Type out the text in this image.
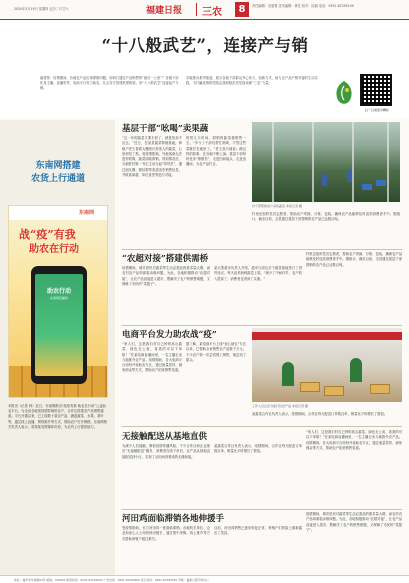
2020年3月19日 星期四 农历二月廿六	福建日报 三农	8	责任编辑：吴夏菁 美术编辑：黄龙 校对：邱斌 电话：0591-87095100
“十八般武艺”，连接产与销
编者按：疫情期间，各地农产品出现滞销问题。如何打通农产品销售的“最后一公里”？各级干部化身主播、直播带货，电商平台发力助农，社会各方搭建供需桥梁，用“十八般武艺”连接起产与销。
本版推出系列报道，展示各地干部群众齐心协力、创新方式，助力农产品产销对接的生动实践，为打赢疫情防控阻击战和脱贫攻坚战贡献“三农”力量。
扫一扫看更多精彩
东南网搭建
农货上行通道
东南网
战“疫”有我
助农在行动
助农行动
东南网直播间
本报讯（记者 林）近日，东南网推出“战疫有我 助农在行动”公益助农平台，为全省各地受疫情影响的农户、合作社搭建农产品销售通道。平台开通以来，已上线数十款农产品，涵盖蔬菜、水果、茶叶等，通过线上直播、网络推介等方式，帮助农户打开销路。东南网相关负责人表示，将持续发挥媒体优势，为农货上行提供助力。
基层干部“吆喝”卖果蔬
“这一年的蔬菜又要丰收了，就是怕卖不出去。”近日，在某县蔬菜种植基地，种植户老王看着大棚里长势喜人的蔬菜，心里却犯了愁。受疫情影响，外地客商无法进村收购，蔬菜面临滞销。得知情况后，当地驻村第一书记主动当起“带货员”，通过朋友圈、微信群等渠道发布销售信息，并联系商超、单位食堂等进行对接。
短短几天时间，滞销的蔬菜便销售一空。“多亏了干部们帮忙吆喝，不然这些菜就烂在地里了。”老王高兴地说。像这样的故事，在各地不断上演。基层干部纷纷化身“推销员”，走进田间地头，走进直播间，为农产品代言。
村干部帮助农户采收蔬菜 本报记者 摄
村里还组织党员志愿者，帮助农户采摘、分拣、包装，确保农产品能够及时送到消费者手中。据统计，截至目前，全县通过基层干部帮销的农产品已达数百吨。
“农超对接”搭建供需桥
疫情期间，城市居民对蔬菜等生活必需品的需求量大增，而农村农产品却面临卖难问题。为此，各地积极推动“农超对接”，让农产品直接进入超市，既解决了农户的销售难题，又保障了市民的“菜篮子”。
某大型超市负责人介绍，超市与周边多个蔬菜基地签订了供货协议，每天直采新鲜蔬菜上架。“减少了中间环节，农户收入提高了，消费者也得到了实惠。”
村里还组织党员志愿者，帮助农户采摘、分拣、包装，确保农产品能够及时送到消费者手中。据统计，截至目前，全县通过基层干部帮销的农产品已达数百吨。
电商平台发力助农战“疫”
“家人们，这是我们村自己种的高山蔬菜，绿色无公害，喜欢的可以下单啦！”在某电商直播间里，一名主播正卖力地推介农产品。疫情期间，各大电商平台纷纷开设助农专区，通过流量扶持、减免佣金等方式，帮助农户拓宽销售渠道。
据了解，某电商平台上线“爱心助农”专区以来，已帮助全省销售农产品数千万元。不少农户第一次尝试网上销售，就尝到了甜头。
工作人员正在分拣打包农产品 本报记者 摄
某蔬菜合作社负责人表示，疫情期间，合作社每天配送订单数百单，销量比平时增长了数倍。
无接触配送从基地直供
为减少人员接触，降低疫情传播风险，不少合作社和企业推出“无接触配送”服务，消费者在线下单后，农产品从基地直接配送到小区，实现了从田间到餐桌的无缝衔接。
某蔬菜合作社负责人表示，疫情期间，合作社每天配送订单数百单，销量比平时增长了数倍。
“家人们，这是我们村自己种的高山蔬菜，绿色无公害，喜欢的可以下单啦！”在某电商直播间里，一名主播正卖力地推介农产品。疫情期间，各大电商平台纷纷开设助农专区，通过流量扶持、减免佣金等方式，帮助农户拓宽销售渠道。
河田鸡面临滞销各地伸援手
受疫情影响，长汀河田鸡一度面临滞销。各地机关单位、企业和爱心人士纷纷伸出援手，通过集中采购、线上推介等方式帮助养殖户渡过难关。
目前，河田鸡销售已逐步恢复正常，养殖户们的脸上重新露出了笑容。
疫情期间，城市居民对蔬菜等生活必需品的需求量大增，而农村农产品却面临卖难问题。为此，各地积极推动“农超对接”，让农产品直接进入超市，既解决了农户的销售难题，又保障了市民的“菜篮子”。
地址：福州市华林路84号 邮编：350003 新闻热线：0591-87095000 广告热线：0591-87095400 发行热线：0591-87095555 印刷：福建日报印务中心
